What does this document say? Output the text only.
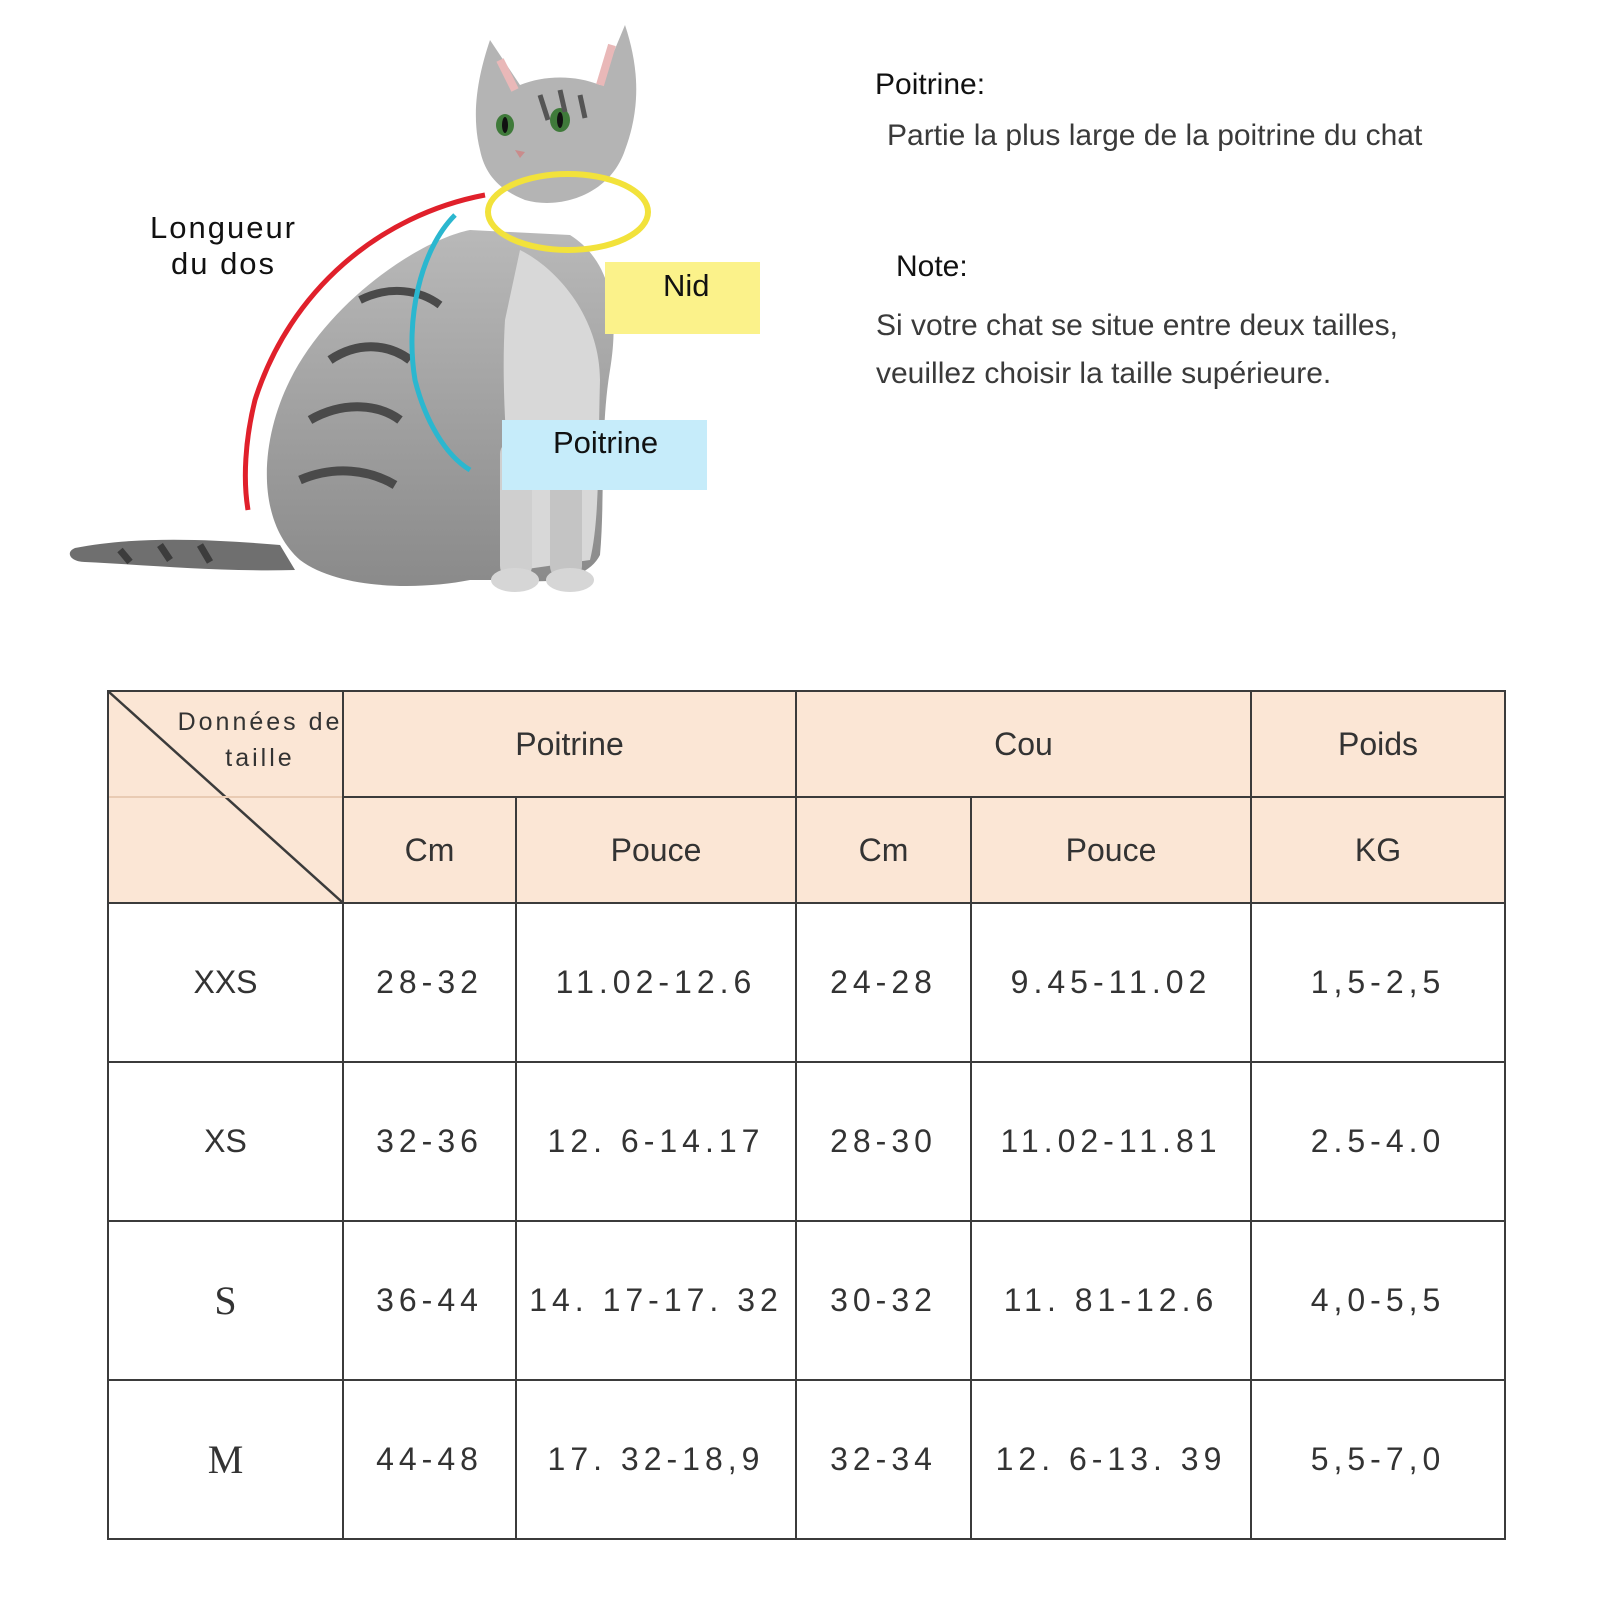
Longueur
du dos
Nid
Poitrine
Poitrine:
Partie la plus large de la poitrine du chat
Note:
Si votre chat se situe entre deux tailles,
veuillez choisir la taille supérieure.
Données de
taille	Poitrine		Cou		Poids
	Cm	Pouce	Cm	Pouce	KG
XXS	28-32	11.02-12.6	24-28	9.45-11.02	1,5-2,5
XS	32-36	12. 6-14.17	28-30	11.02-11.81	2.5-4.0
S	36-44	14. 17-17. 32	30-32	11. 81-12.6	4,0-5,5
M	44-48	17. 32-18,9	32-34	12. 6-13. 39	5,5-7,0
